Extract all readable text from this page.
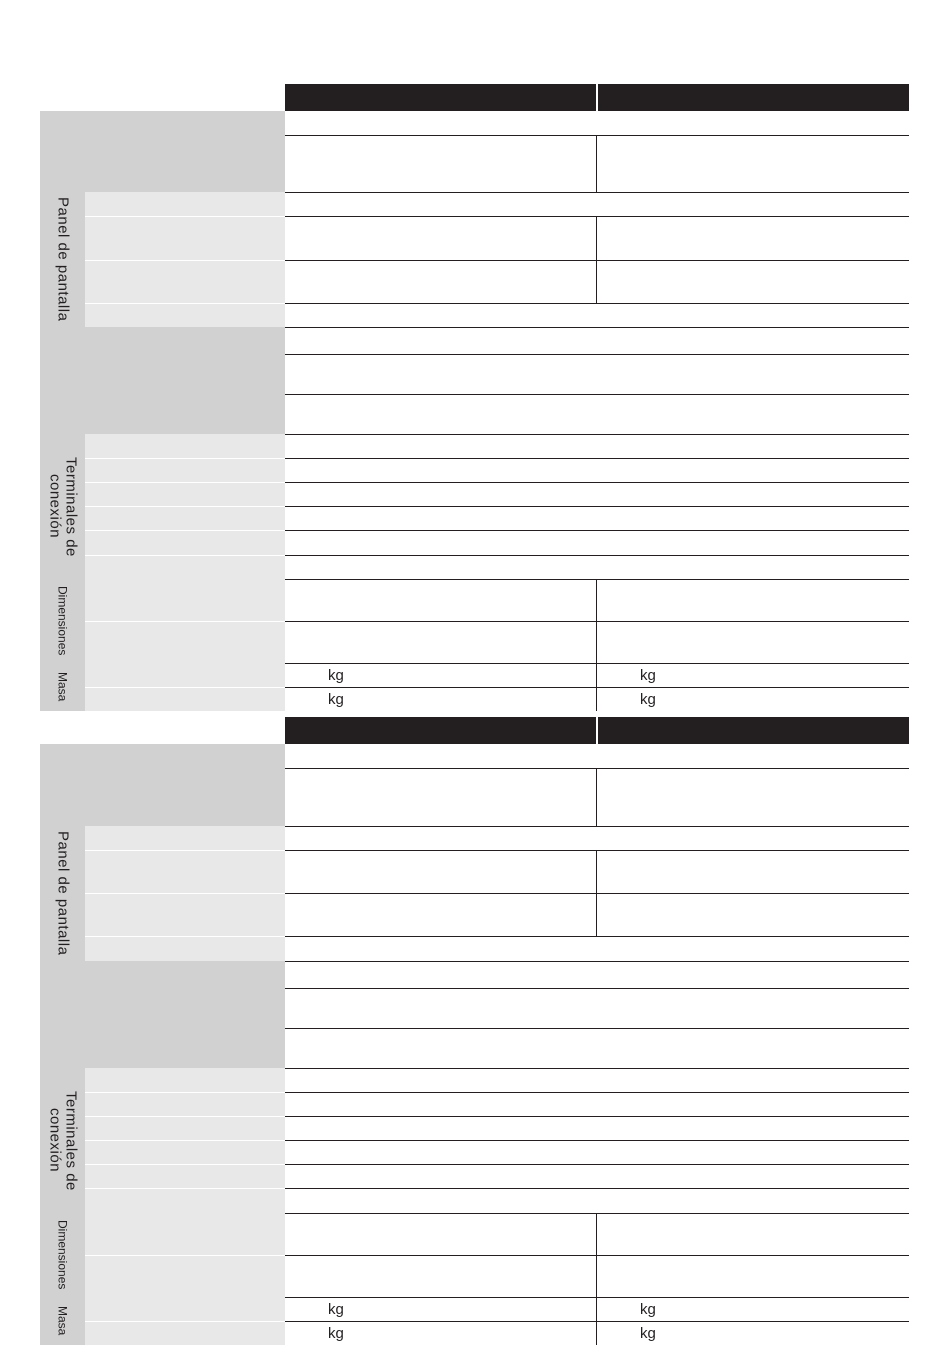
Panel de pantalla
Terminales de conexión
Dimensiones
Masa	kg	kg
kg	kg
Panel de pantalla
Terminales de conexión
Dimensiones
Masa	kg	kg
kg	kg
